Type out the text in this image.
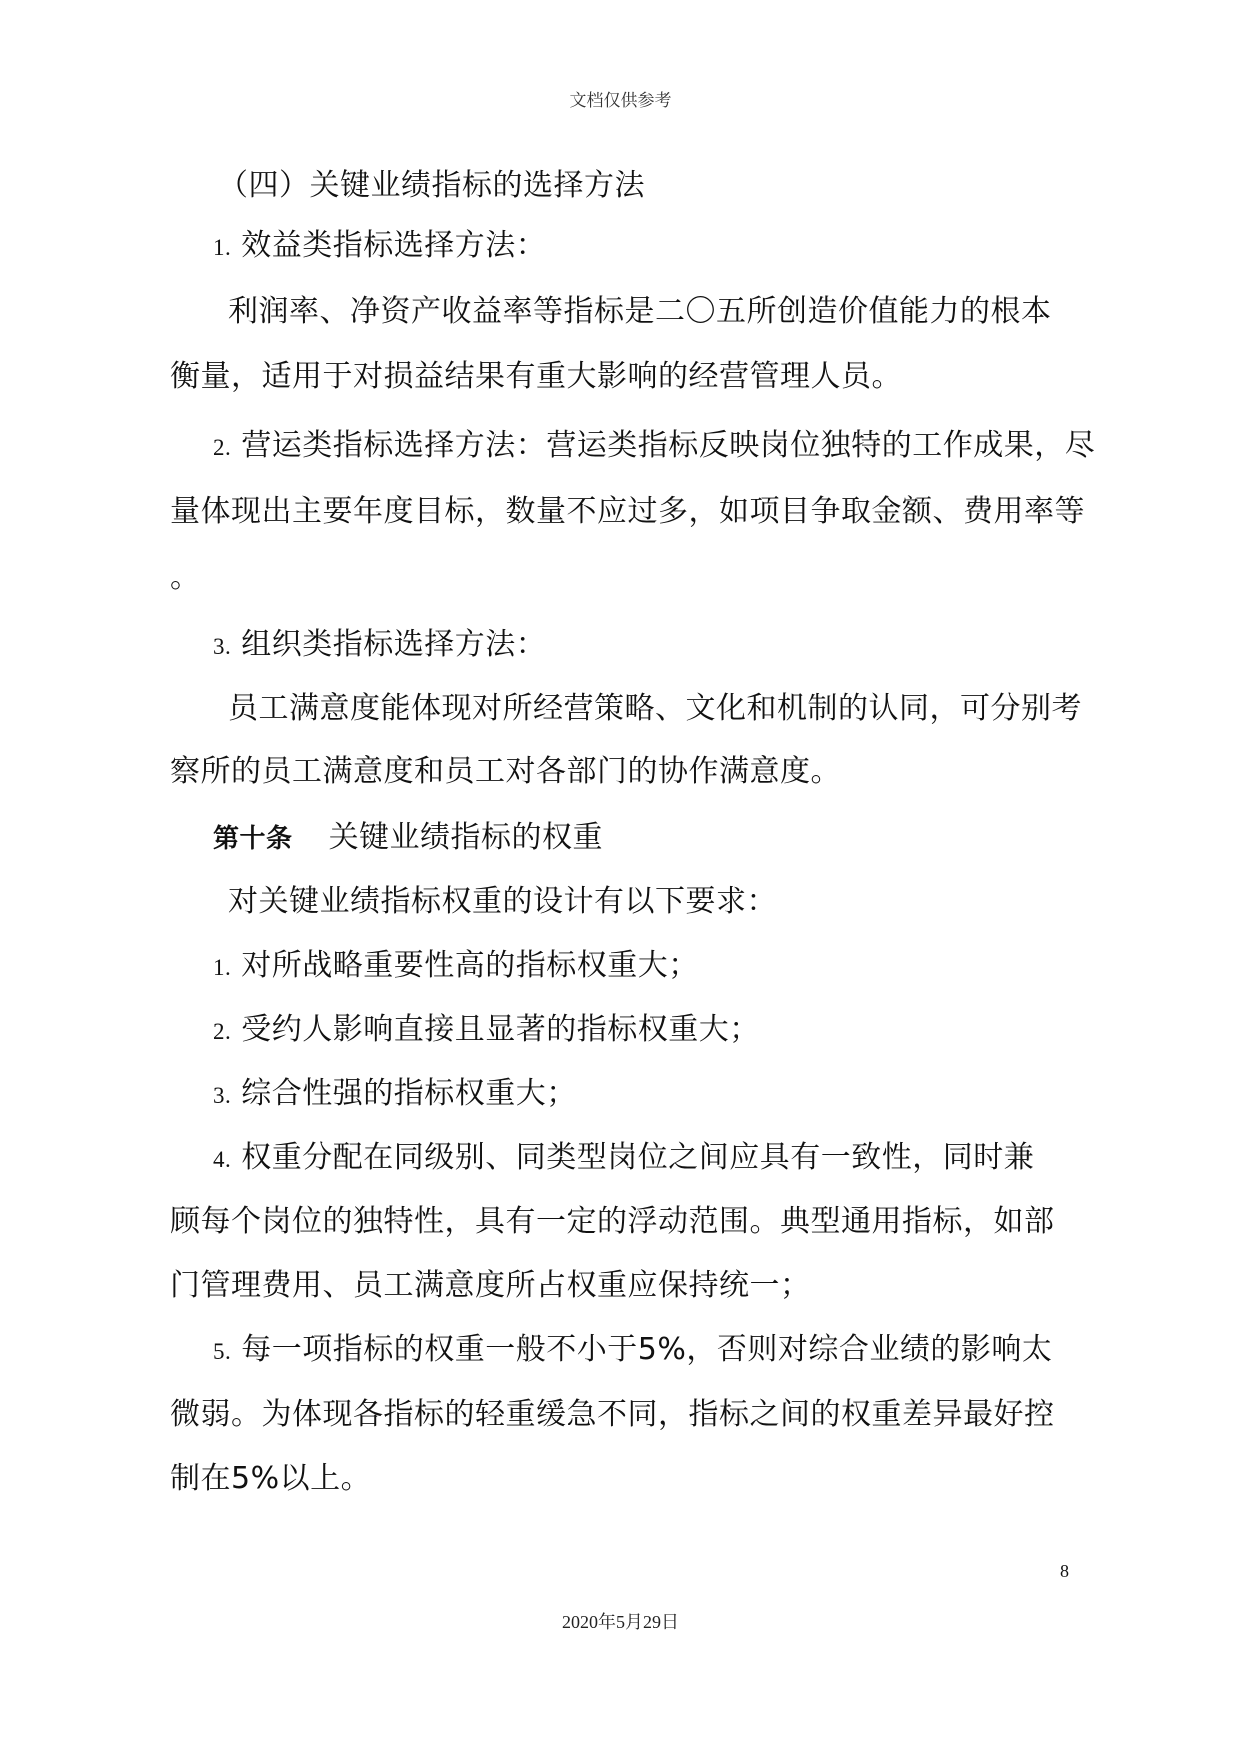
文档仅供参考
（四）关键业绩指标的选择方法
1. 效益类指标选择方法：
利润率、净资产收益率等指标是二〇五所创造价值能力的根本
衡量，适用于对损益结果有重大影响的经营管理人员。
2. 营运类指标选择方法：营运类指标反映岗位独特的工作成果，尽
量体现出主要年度目标，数量不应过多，如项目争取金额、费用率等
。
3. 组织类指标选择方法：
员工满意度能体现对所经营策略、文化和机制的认同，可分别考
察所的员工满意度和员工对各部门的协作满意度。
第十条 关键业绩指标的权重
对关键业绩指标权重的设计有以下要求：
1. 对所战略重要性高的指标权重大；
2. 受约人影响直接且显著的指标权重大；
3. 综合性强的指标权重大；
4. 权重分配在同级别、同类型岗位之间应具有一致性，同时兼
顾每个岗位的独特性，具有一定的浮动范围。典型通用指标，如部
门管理费用、员工满意度所占权重应保持统一；
5. 每一项指标的权重一般不小于5%，否则对综合业绩的影响太
微弱。为体现各指标的轻重缓急不同，指标之间的权重差异最好控
制在5%以上。
8
2020年5月29日
